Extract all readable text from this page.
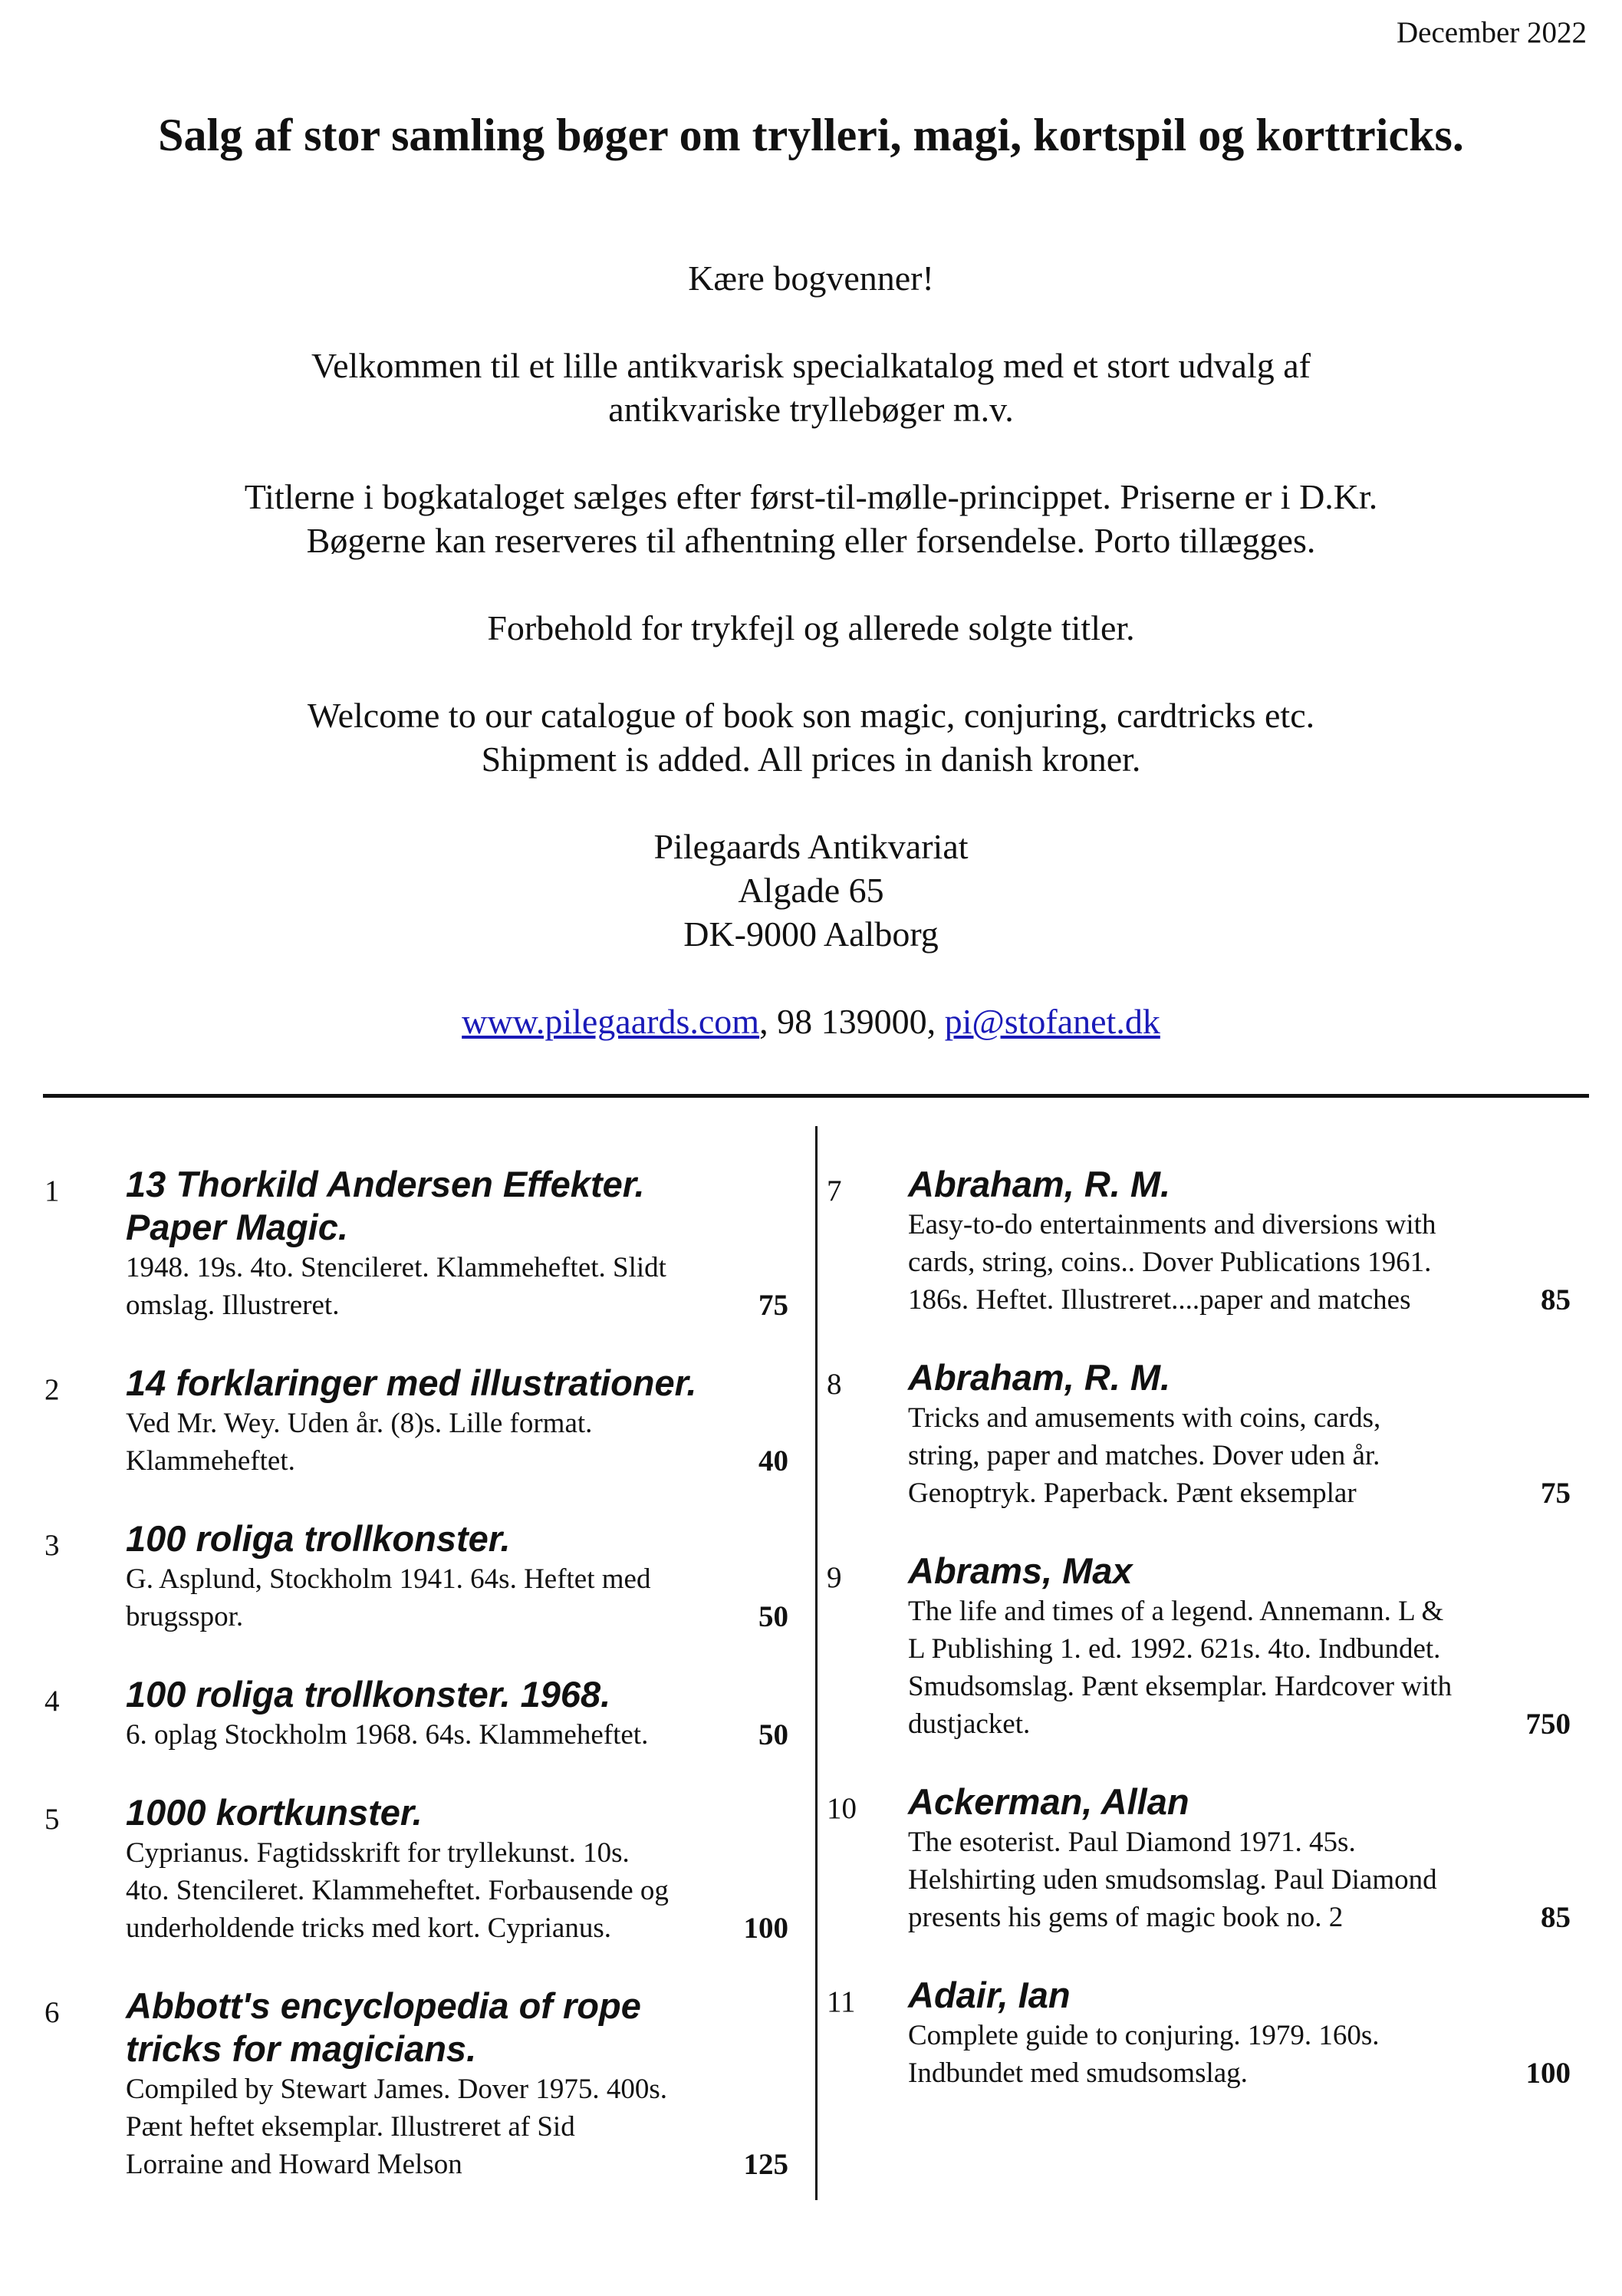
December 2022
Salg af stor samling bøger om trylleri, magi, kortspil og korttricks.

Kære bogvenner!

Velkommen til et lille antikvarisk specialkatalog med et stort udvalg af
antikvariske tryllebøger m.v.

Titlerne i bogkataloget sælges efter først-til-mølle-princippet. Priserne er i D.Kr.
Bøgerne kan reserveres til afhentning eller forsendelse. Porto tillægges.

Forbehold for trykfejl og allerede solgte titler.

Welcome to our catalogue of book son magic, conjuring, cardtricks etc.
Shipment is added. All prices in danish kroner.

Pilegaards Antikvariat
Algade 65
DK-9000 Aalborg

www.pilegaards.com, 98 139000, pi@stofanet.dk

1 13 Thorkild Andersen Effekter.
Paper Magic.
1948. 19s. 4to. Stencileret. Klammeheftet. Slidt
omslag. Illustreret.	75
2 14 forklaringer med illustrationer.
Ved Mr. Wey. Uden år. (8)s. Lille format.
Klammeheftet.	40
3 100 roliga trollkonster.
G. Asplund, Stockholm 1941. 64s. Heftet med
brugsspor.	50
4 100 roliga trollkonster. 1968.
6. oplag Stockholm 1968. 64s. Klammeheftet.	50
5 1000 kortkunster.
Cyprianus. Fagtidsskrift for tryllekunst. 10s.
4to. Stencileret. Klammeheftet. Forbausende og
underholdende tricks med kort. Cyprianus.	100
6 Abbott's encyclopedia of rope
tricks for magicians.
Compiled by Stewart James. Dover 1975. 400s.
Pænt heftet eksemplar. Illustreret af Sid
Lorraine and Howard Melson	125
7 Abraham, R. M.
Easy-to-do entertainments and diversions with
cards, string, coins.. Dover Publications 1961.
186s. Heftet. Illustreret....paper and matches	85
8 Abraham, R. M.
Tricks and amusements with coins, cards,
string, paper and matches. Dover uden år.
Genoptryk. Paperback. Pænt eksemplar	75
9 Abrams, Max
The life and times of a legend. Annemann. L &
L Publishing 1. ed. 1992. 621s. 4to. Indbundet.
Smudsomslag. Pænt eksemplar. Hardcover with
dustjacket.	750
10 Ackerman, Allan
The esoterist. Paul Diamond 1971. 45s.
Helshirting uden smudsomslag. Paul Diamond
presents his gems of magic book no. 2	85
11 Adair, Ian
Complete guide to conjuring. 1979. 160s.
Indbundet med smudsomslag.	100
